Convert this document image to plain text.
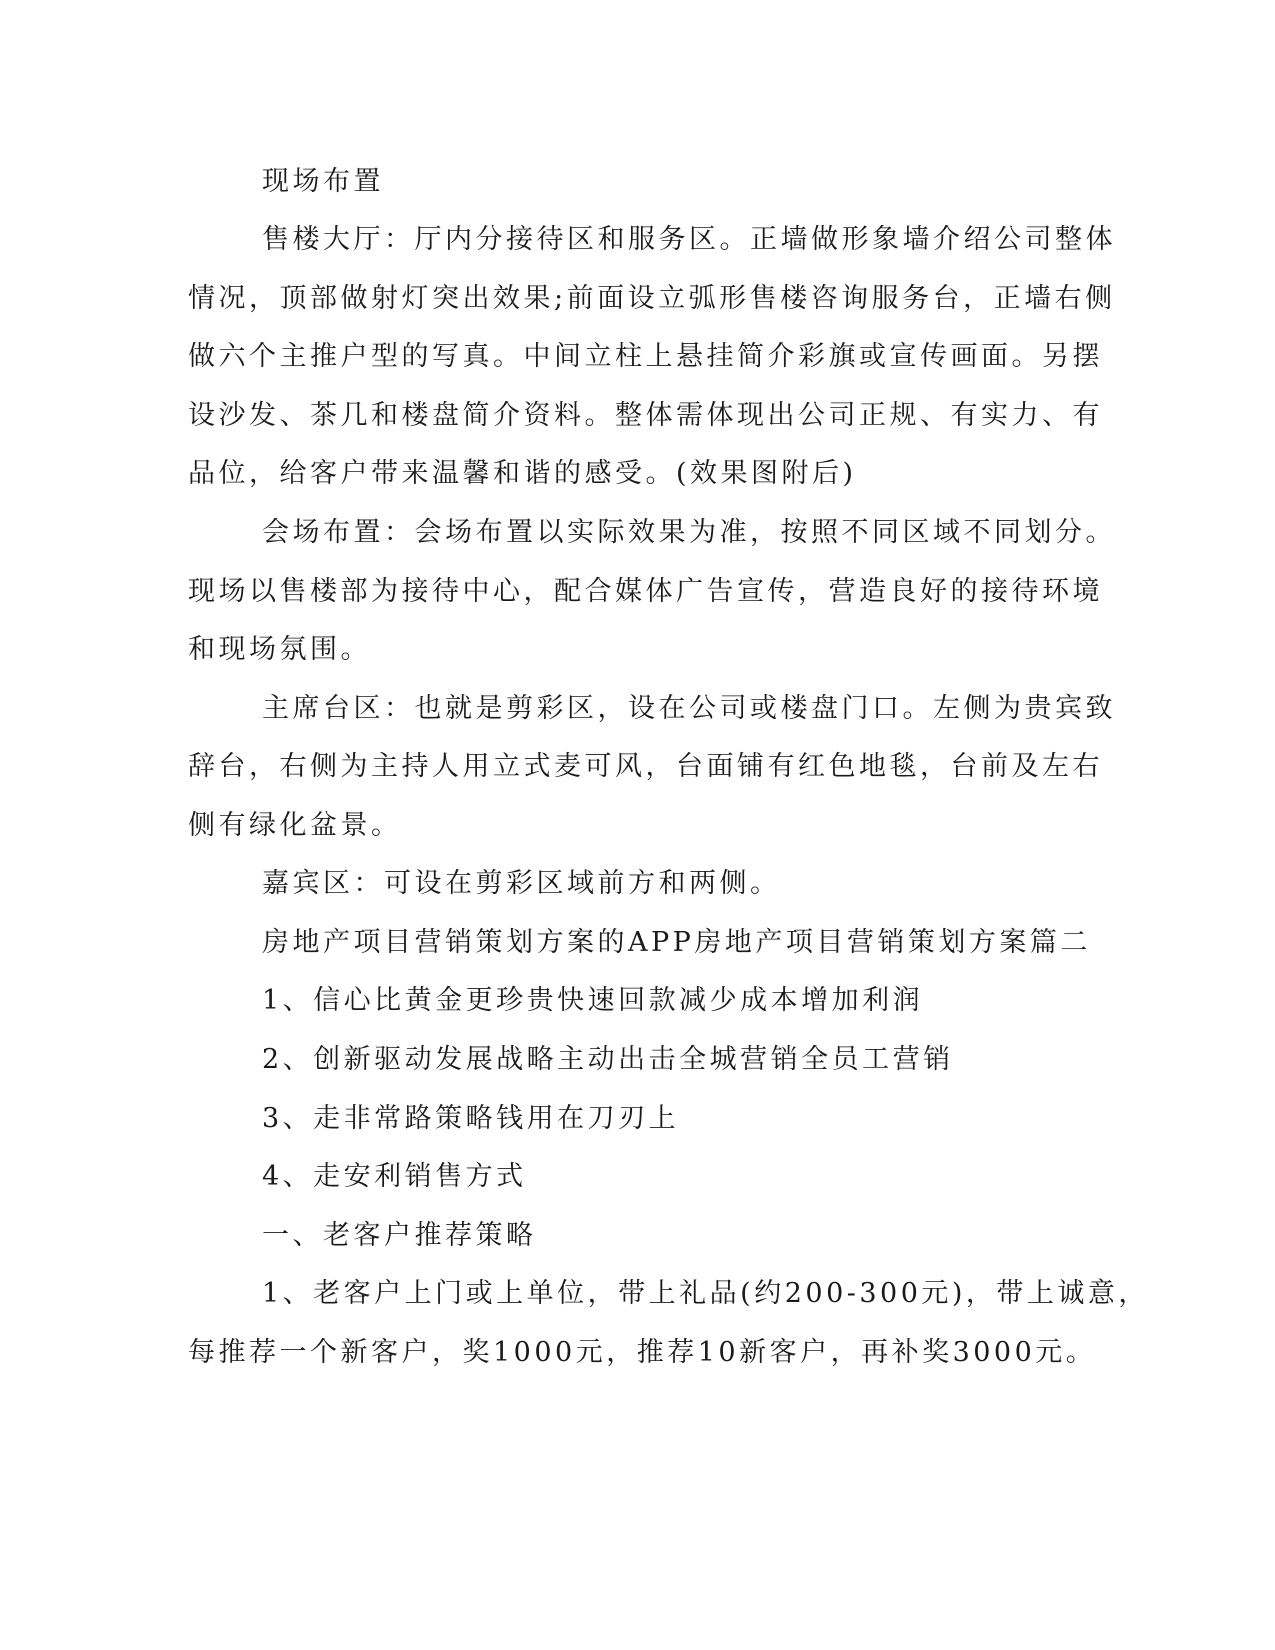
现场布置
售楼大厅：厅内分接待区和服务区。正墙做形象墙介绍公司整体
情况，顶部做射灯突出效果;前面设立弧形售楼咨询服务台，正墙右侧
做六个主推户型的写真。中间立柱上悬挂简介彩旗或宣传画面。另摆
设沙发、茶几和楼盘简介资料。整体需体现出公司正规、有实力、有
品位，给客户带来温馨和谐的感受。(效果图附后)
会场布置：会场布置以实际效果为准，按照不同区域不同划分。
现场以售楼部为接待中心，配合媒体广告宣传，营造良好的接待环境
和现场氛围。
主席台区：也就是剪彩区，设在公司或楼盘门口。左侧为贵宾致
辞台，右侧为主持人用立式麦可风，台面铺有红色地毯，台前及左右
侧有绿化盆景。
嘉宾区：可设在剪彩区域前方和两侧。
房地产项目营销策划方案的APP房地产项目营销策划方案篇二
1、信心比黄金更珍贵快速回款减少成本增加利润
2、创新驱动发展战略主动出击全城营销全员工营销
3、走非常路策略钱用在刀刃上
4、走安利销售方式
一、老客户推荐策略
1、老客户上门或上单位，带上礼品(约200-300元)，带上诚意，
每推荐一个新客户，奖1000元，推荐10新客户，再补奖3000元。
